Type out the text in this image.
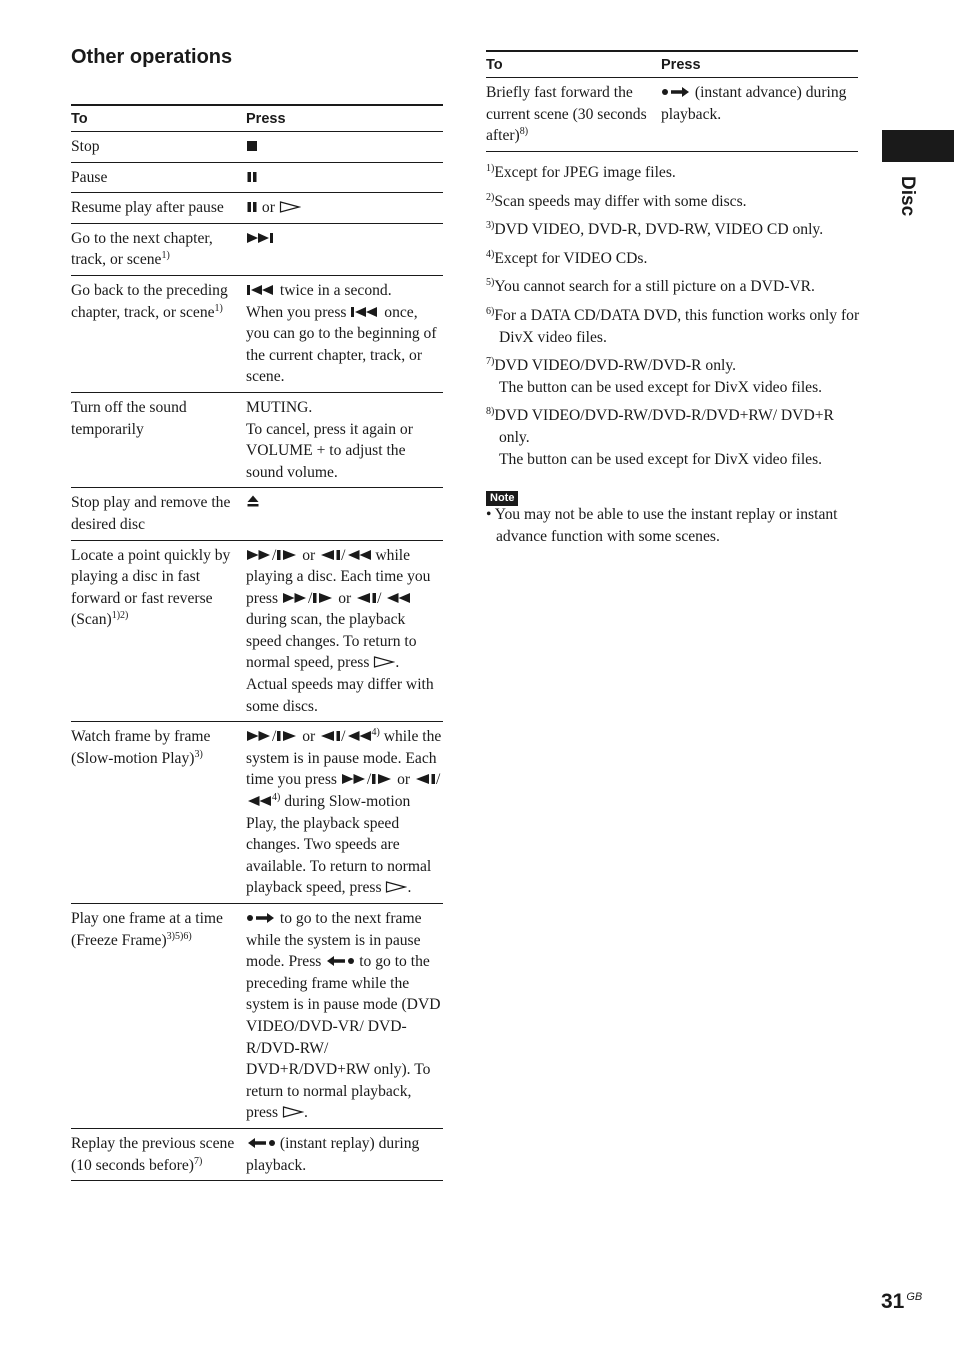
Other operations
To	Press
Stop	
Pause	
Resume play after pause	or
Go to the next chapter, track, or scene$^{1)}$	
Go back to the preceding chapter, track, or scene$^{1)}$	twice in a second.
When you press once, you can go to the beginning of the current chapter, track, or scene.
Turn off the sound temporarily	MUTING.
To cancel, press it again or VOLUME + to adjust the sound volume.
Stop play and remove the desired disc	
Locate a point quickly by playing a disc in fast forward or fast reverse (Scan)$^{1)2)}$	/ or / while playing a disc. Each time you press / or /  during scan, the playback speed changes. To return to normal speed, press . Actual speeds may differ with some discs.
Watch frame by frame (Slow-motion Play)$^{3)}$	/ or / $^{4)}$ while the system is in pause mode. Each time you press / or /$^{4)}$ during Slow-motion Play, the playback speed changes. Two speeds are available. To return to normal playback speed, press .
Play one frame at a time (Freeze Frame)$^{3)5)6)}$	to go to the next frame while the system is in pause mode. Press to go to the preceding frame while the system is in pause mode (DVD VIDEO/DVD-VR/ DVD-R/DVD-RW/ DVD+R/DVD+RW only). To return to normal playback, press .
Replay the previous scene (10 seconds before)$^{7)}$	(instant replay) during playback.
To	Press
Briefly fast forward the current scene (30 seconds after)$^{8)}$	(instant advance) during playback.
$^{1)}$Except for JPEG image files.
$^{2)}$Scan speeds may differ with some discs.
$^{3)}$DVD VIDEO, DVD-R, DVD-RW, VIDEO CD only.
$^{4)}$Except for VIDEO CDs.
$^{5)}$You cannot search for a still picture on a DVD-VR.
$^{6)}$For a DATA CD/DATA DVD, this function works only for DivX video files.
$^{7)}$DVD VIDEO/DVD-RW/DVD-R only.
The button can be used except for DivX video files.
$^{8)}$DVD VIDEO/DVD-RW/DVD-R/DVD+RW/ DVD+R only.
The button can be used except for DivX video files.
Note
• You may not be able to use the instant replay or instant advance function with some scenes.
Disc
31 $^{GB}$
